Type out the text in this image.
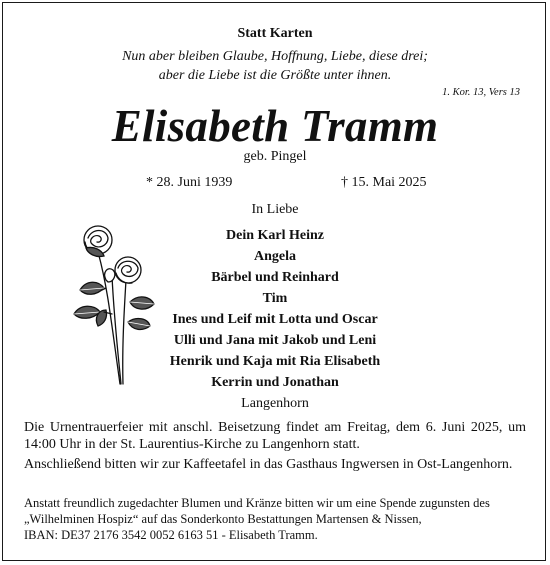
Statt Karten
Nun aber bleiben Glaube, Hoffnung, Liebe, diese drei;
aber die Liebe ist die Größte unter ihnen.
1. Kor. 13, Vers 13
Elisabeth Tramm
geb. Pingel
* 28. Juni 1939	† 15. Mai 2025
In Liebe
Dein Karl Heinz
Angela
Bärbel und Reinhard
Tim
Ines und Leif mit Lotta und Oscar
Ulli und Jana mit Jakob und Leni
Henrik und Kaja mit Ria Elisabeth
Kerrin und Jonathan
Langenhorn
Die Urnentrauerfeier mit anschl. Beisetzung findet am Freitag, dem 6. Juni 2025, um 14:00 Uhr in der St. Laurentius-Kirche zu Langenhorn statt.
Anschließend bitten wir zur Kaffeetafel in das Gasthaus Ingwersen in Ost-Langenhorn.
Anstatt freundlich zugedachter Blumen und Kränze bitten wir um eine Spende zugunsten des
„Wilhelminen Hospiz“ auf das Sonderkonto Bestattungen Martensen & Nissen,
IBAN: DE37 2176 3542 0052 6163 51 - Elisabeth Tramm.
